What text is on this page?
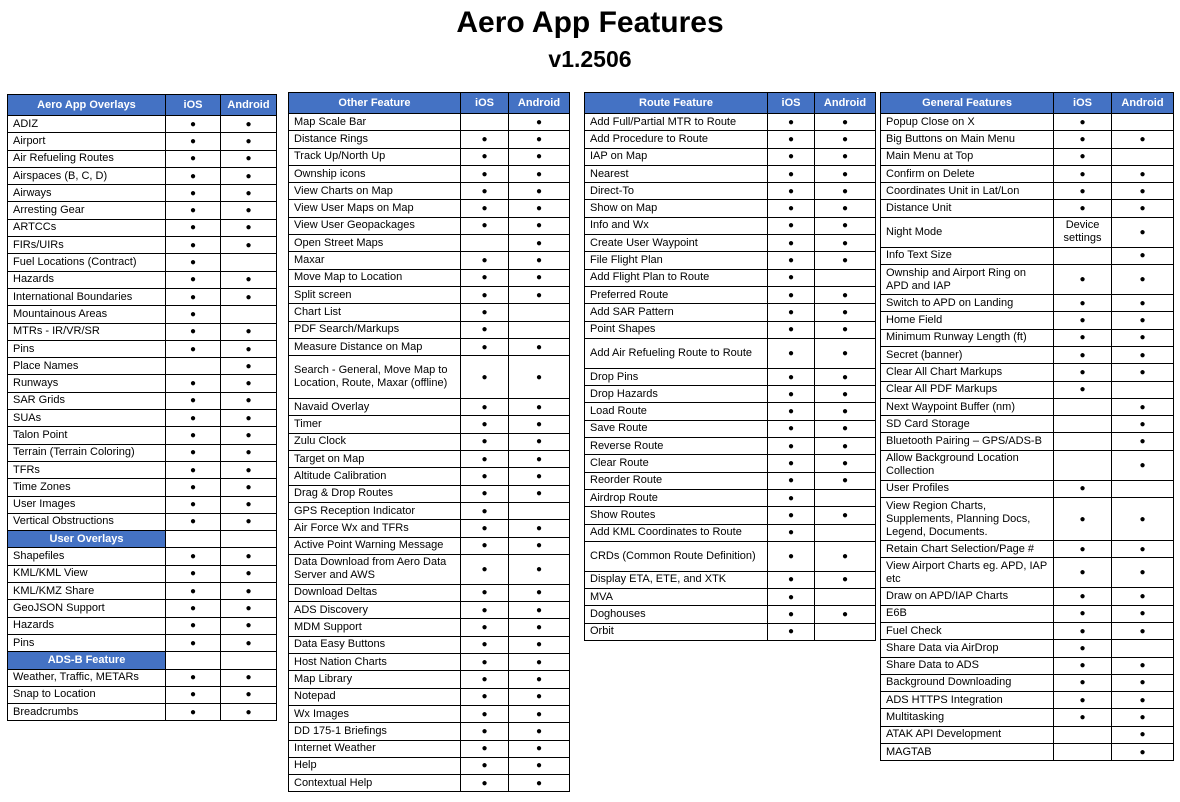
Aero App Features
v1.2506
Aero App Overlays	iOS	Android
ADIZ	●	●
Airport	●	●
Air Refueling Routes	●	●
Airspaces (B, C, D)	●	●
Airways	●	●
Arresting Gear	●	●
ARTCCs	●	●
FIRs/UIRs	●	●
Fuel Locations (Contract)	●	
Hazards	●	●
International Boundaries	●	●
Mountainous Areas	●	
MTRs - IR/VR/SR	●	●
Pins	●	●
Place Names		●
Runways	●	●
SAR Grids	●	●
SUAs	●	●
Talon Point	●	●
Terrain (Terrain Coloring)	●	●
TFRs	●	●
Time Zones	●	●
User Images	●	●
Vertical Obstructions	●	●
User Overlays		
Shapefiles	●	●
KML/KML View	●	●
KML/KMZ Share	●	●
GeoJSON Support	●	●
Hazards	●	●
Pins	●	●
ADS-B Feature		
Weather, Traffic, METARs	●	●
Snap to Location	●	●
Breadcrumbs	●	●
Other Feature	iOS	Android
Map Scale Bar		●
Distance Rings	●	●
Track Up/North Up	●	●
Ownship icons	●	●
View Charts on Map	●	●
View User Maps on Map	●	●
View User Geopackages	●	●
Open Street Maps		●
Maxar	●	●
Move Map to Location	●	●
Split screen	●	●
Chart List	●	
PDF Search/Markups	●	
Measure Distance on Map	●	●
Search - General, Move Map to Location, Route, Maxar (offline)	●	●
Navaid Overlay	●	●
Timer	●	●
Zulu Clock	●	●
Target on Map	●	●
Altitude Calibration	●	●
Drag & Drop Routes	●	●
GPS Reception Indicator	●	
Air Force Wx and TFRs	●	●
Active Point Warning Message	●	●
Data Download from Aero Data Server and AWS	●	●
Download Deltas	●	●
ADS Discovery	●	●
MDM Support	●	●
Data Easy Buttons	●	●
Host Nation Charts	●	●
Map Library	●	●
Notepad	●	●
Wx Images	●	●
DD 175-1 Briefings	●	●
Internet Weather	●	●
Help	●	●
Contextual Help	●	●
Route Feature	iOS	Android
Add Full/Partial MTR to Route	●	●
Add Procedure to Route	●	●
IAP on Map	●	●
Nearest	●	●
Direct-To	●	●
Show on Map	●	●
Info and Wx	●	●
Create User Waypoint	●	●
File Flight Plan	●	●
Add Flight Plan to Route	●	
Preferred Route	●	●
Add SAR Pattern	●	●
Point Shapes	●	●
Add Air Refueling Route to Route	●	●
Drop Pins	●	●
Drop Hazards	●	●
Load Route	●	●
Save Route	●	●
Reverse Route	●	●
Clear Route	●	●
Reorder Route	●	●
Airdrop Route	●	
Show Routes	●	●
Add KML Coordinates to Route	●	
CRDs (Common Route Definition)	●	●
Display ETA, ETE, and XTK	●	●
MVA	●	
Doghouses	●	●
Orbit	●	
General Features	iOS	Android
Popup Close on X	●	
Big Buttons on Main Menu	●	●
Main Menu at Top	●	
Confirm on Delete	●	●
Coordinates Unit in Lat/Lon	●	●
Distance Unit	●	●
Night Mode	Device settings	●
Info Text Size		●
Ownship and Airport Ring on APD and IAP	●	●
Switch to APD on Landing	●	●
Home Field	●	●
Minimum Runway Length (ft)	●	●
Secret (banner)	●	●
Clear All Chart Markups	●	●
Clear All PDF Markups	●	
Next Waypoint Buffer (nm)		●
SD Card Storage		●
Bluetooth Pairing – GPS/ADS-B		●
Allow Background Location Collection		●
User Profiles	●	
View Region Charts, Supplements, Planning Docs, Legend, Documents.	●	●
Retain Chart Selection/Page #	●	●
View Airport Charts eg. APD, IAP etc	●	●
Draw on APD/IAP Charts	●	●
E6B	●	●
Fuel Check	●	●
Share Data via AirDrop	●	
Share Data to ADS	●	●
Background Downloading	●	●
ADS HTTPS Integration	●	●
Multitasking	●	●
ATAK API Development		●
MAGTAB		●
